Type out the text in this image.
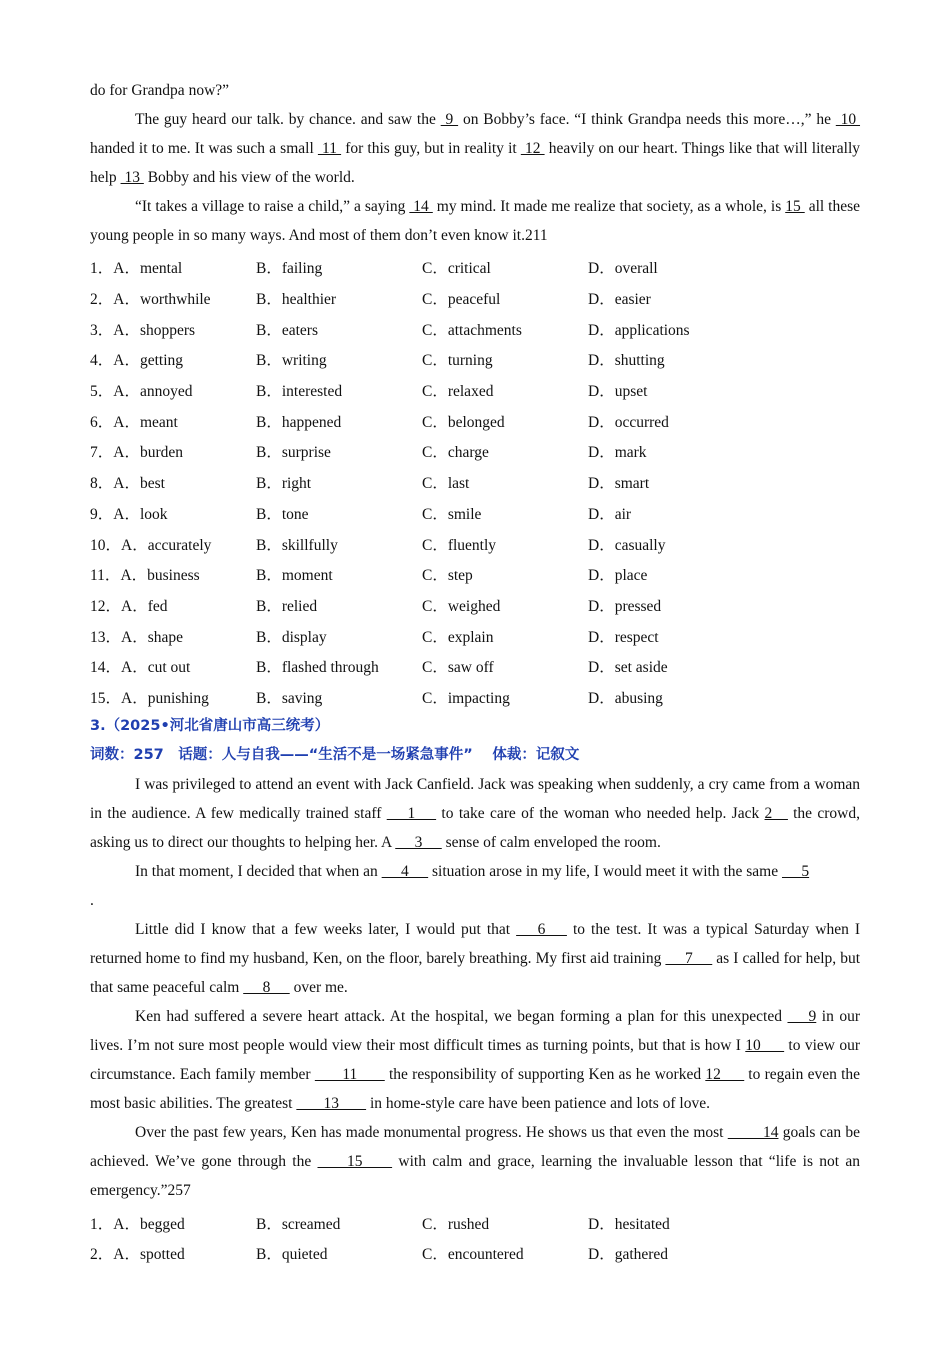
do for Grandpa now?”

The guy heard our talk. by chance. and saw the  9  on Bobby’s face. “I think Grandpa needs this more…,” he  10  handed it to me. It was such a small  11  for this guy, but in reality it  12  heavily on our heart. Things like that will literally help  13  Bobby and his view of the world.

“It takes a village to raise a child,” a saying  14  my mind. It made me realize that society, as a whole, is 15  all these young people in so many ways. And most of them don’t even know it.211

1．A．mental	B．failing	C．critical	D．overall
2．A．worthwhile	B．healthier	C．peaceful	D．easier
3．A．shoppers	B．eaters	C．attachments	D．applications
4．A．getting	B．writing	C．turning	D．shutting
5．A．annoyed	B．interested	C．relaxed	D．upset
6．A．meant	B．happened	C．belonged	D．occurred
7．A．burden	B．surprise	C．charge	D．mark
8．A．best	B．right	C．last	D．smart
9．A．look	B．tone	C．smile	D．air
10．A．accurately	B．skillfully	C．fluently	D．casually
11．A．business	B．moment	C．step	D．place
12．A．fed	B．relied	C．weighed	D．pressed
13．A．shape	B．display	C．explain	D．respect
14．A．cut out	B．flashed through	C．saw off	D．set aside
15．A．punishing	B．saving	C．impacting	D．abusing

3.（2025•河北省唐山市高三统考）

词数：257　话题：人与自我——“生活不是一场紧急事件”　 体裁：记叙文

I was privileged to attend an event with Jack Canfield. Jack was speaking when suddenly, a cry came from a woman in the audience. A few medically trained staff  __1__  to take care of the woman who needed help. Jack 2__ the crowd, asking us to direct our thoughts to helping her. A  __3__  sense of calm enveloped the room.

In that moment, I decided that when an  __4__  situation arose in my life, I would meet it with the same  __5
.

Little did I know that a few weeks later, I would put that  __6__  to the test. It was a typical Saturday when I returned home to find my husband, Ken, on the floor, barely breathing. My first aid training  __7__  as I called for help, but that same peaceful calm  __8__  over me.

Ken had suffered a severe heart attack. At the hospital, we began forming a plan for this unexpected  __9 in our lives. I’m not sure most people would view their most difficult times as turning points, but that is how I 10___ to view our circumstance. Each family member  ___11___  the responsibility of supporting Ken as he worked 12___ to regain even the most basic abilities. The greatest  ___13___  in home-style care have been patience and lots of love.

Over the past few years, Ken has made monumental progress. He shows us that even the most  ____14 goals can be achieved. We’ve gone through the  ___15___  with calm and grace, learning the invaluable lesson that “life is not an emergency.”257

1．A．begged	B．screamed	C．rushed	D．hesitated
2．A．spotted	B．quieted	C．encountered	D．gathered
